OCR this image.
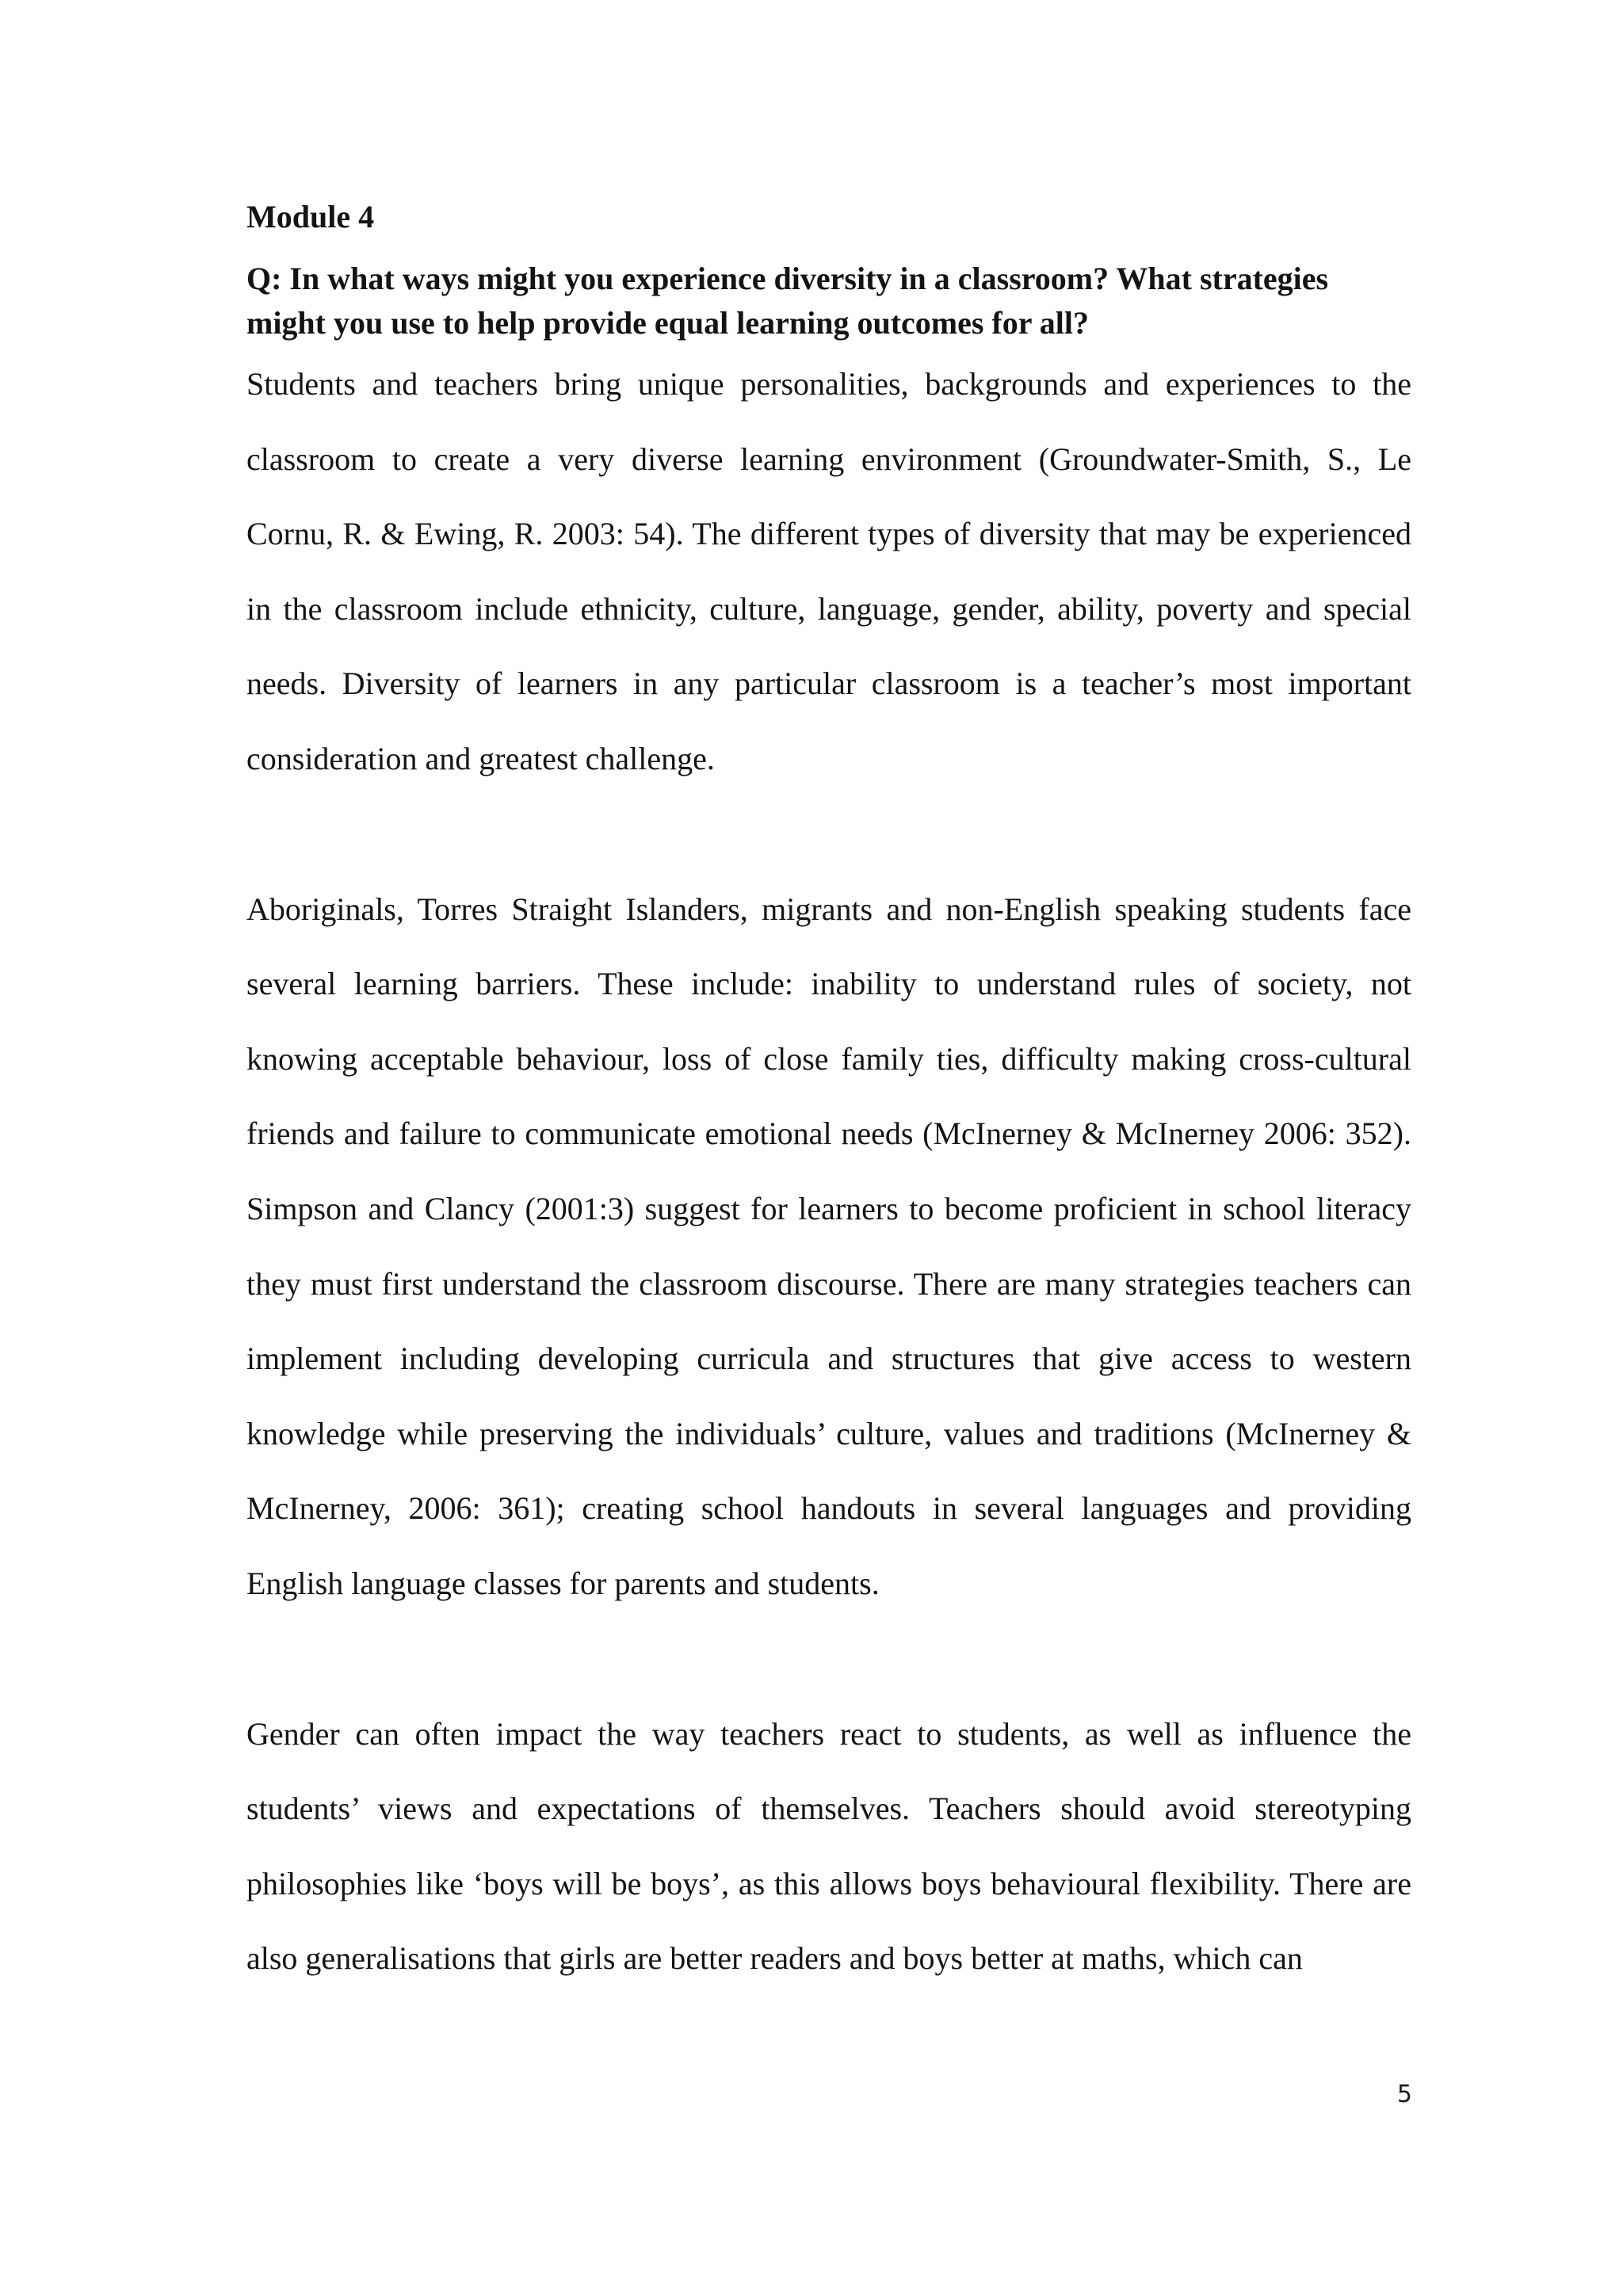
Module 4

Q: In what ways might you experience diversity in a classroom? What strategies might you use to help provide equal learning outcomes for all?

Students and teachers bring unique personalities, backgrounds and experiences to the classroom to create a very diverse learning environment (Groundwater-Smith, S., Le Cornu, R. & Ewing, R. 2003: 54). The different types of diversity that may be experienced in the classroom include ethnicity, culture, language, gender, ability, poverty and special needs. Diversity of learners in any particular classroom is a teacher’s most important consideration and greatest challenge.

Aboriginals, Torres Straight Islanders, migrants and non-English speaking students face several learning barriers. These include: inability to understand rules of society, not knowing acceptable behaviour, loss of close family ties, difficulty making cross-cultural friends and failure to communicate emotional needs (McInerney & McInerney 2006: 352). Simpson and Clancy (2001:3) suggest for learners to become proficient in school literacy they must first understand the classroom discourse. There are many strategies teachers can implement including developing curricula and structures that give access to western knowledge while preserving the individuals’ culture, values and traditions (McInerney & McInerney, 2006: 361); creating school handouts in several languages and providing English language classes for parents and students.

Gender can often impact the way teachers react to students, as well as influence the students’ views and expectations of themselves. Teachers should avoid stereotyping philosophies like ‘boys will be boys’, as this allows boys behavioural flexibility. There are also generalisations that girls are better readers and boys better at maths, which can

5
